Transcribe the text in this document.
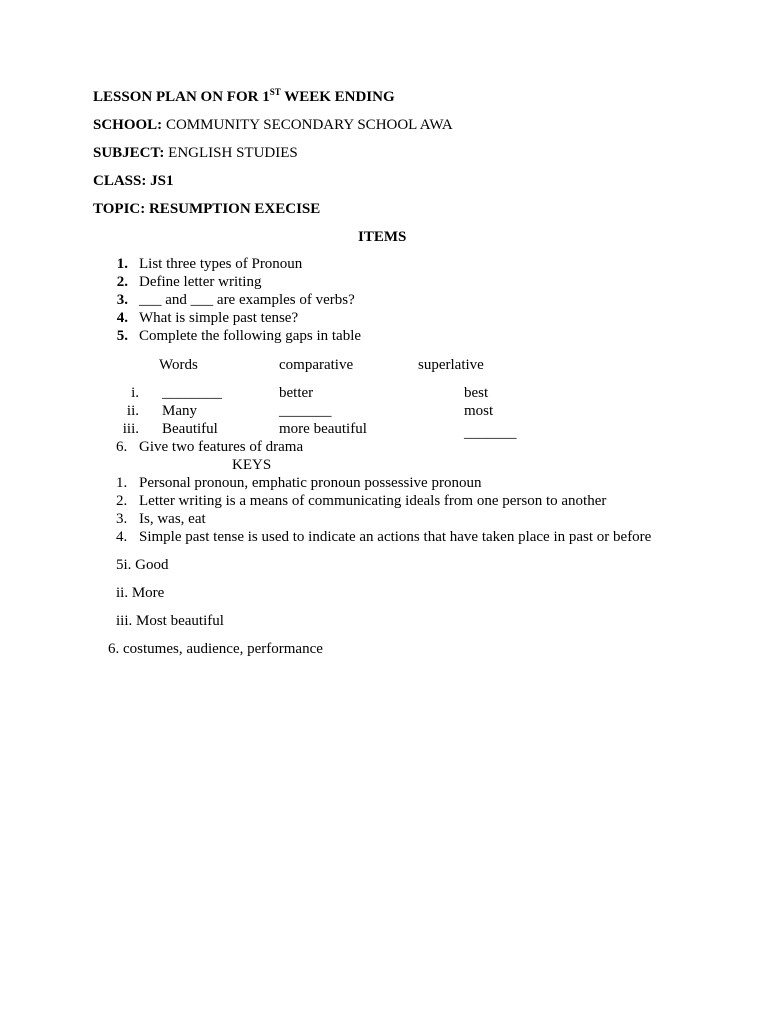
LESSON PLAN ON FOR 1ST WEEK ENDING
SCHOOL: COMMUNITY SECONDARY SCHOOL AWA
SUBJECT: ENGLISH STUDIES
CLASS: JS1
TOPIC: RESUMPTION EXECISE
ITEMS
1. List three types of Pronoun
2. Define letter writing
3. ___ and ___ are examples of verbs?
4. What is simple past tense?
5. Complete the following gaps in table
Words	comparative	superlative
i. ________	better	best
ii. Many	_______	most
iii. Beautiful	more beautiful	_______
6. Give two features of drama
KEYS
1. Personal pronoun, emphatic pronoun possessive pronoun
2. Letter writing is a means of communicating ideals from one person to another
3. Is, was, eat
4. Simple past tense is used to indicate an actions that have taken place in past or before
5i. Good
ii. More
iii. Most beautiful
6. costumes, audience, performance
